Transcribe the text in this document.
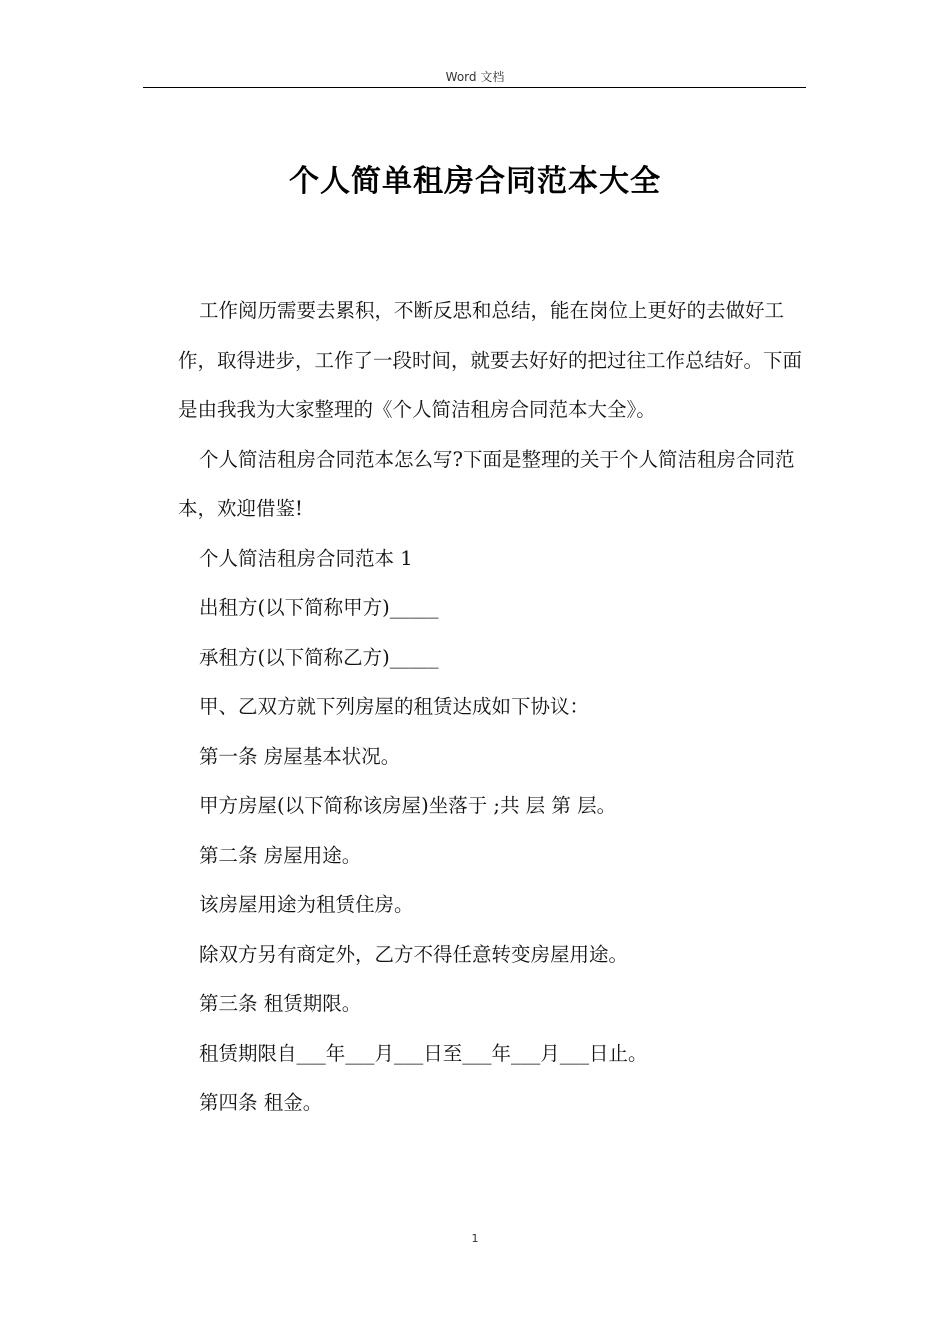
Word 文档
个人简单租房合同范本大全

工作阅历需要去累积，不断反思和总结，能在岗位上更好的去做好工作，取得进步，工作了一段时间，就要去好好的把过往工作总结好。下面是由我我为大家整理的《个人简洁租房合同范本大全》。

个人简洁租房合同范本怎么写?下面是整理的关于个人简洁租房合同范本，欢迎借鉴!

个人简洁租房合同范本 1

出租方(以下简称甲方)_____

承租方(以下简称乙方)_____

甲、乙双方就下列房屋的租赁达成如下协议：

第一条 房屋基本状况。

甲方房屋(以下简称该房屋)坐落于 ;共 层 第 层。

第二条 房屋用途。

该房屋用途为租赁住房。

除双方另有商定外，乙方不得任意转变房屋用途。

第三条 租赁期限。

租赁期限自___年___月___日至___年___月___日止。

第四条 租金。

1
